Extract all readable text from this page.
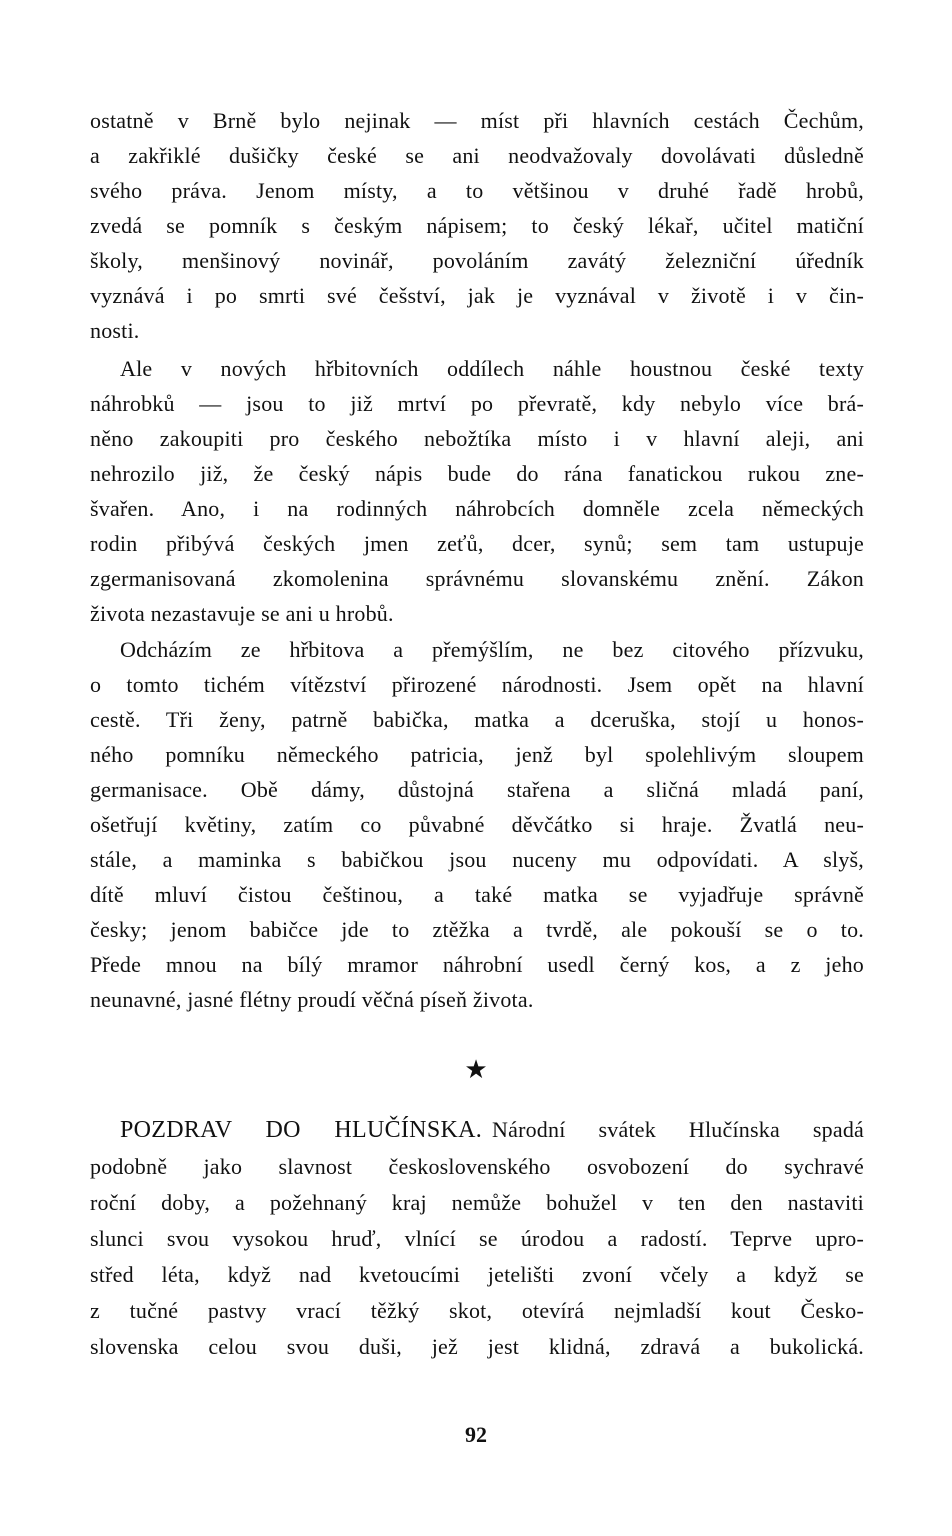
ostatně v Brně bylo nejinak — míst při hlavních cestách Čechům,
a zakřiklé dušičky české se ani neodvažovaly dovolávati důsledně
svého práva. Jenom místy, a to většinou v druhé řadě hrobů,
zvedá se pomník s českým nápisem; to český lékař, učitel matiční
školy, menšinový novinář, povoláním zavátý železniční úředník
vyznává i po smrti své češství, jak je vyznával v životě i v čin-
nosti.
Ale v nových hřbitovních oddílech náhle houstnou české texty
náhrobků — jsou to již mrtví po převratě, kdy nebylo více brá-
něno zakoupiti pro českého nebožtíka místo i v hlavní aleji, ani
nehrozilo již, že český nápis bude do rána fanatickou rukou zne-
švařen. Ano, i na rodinných náhrobcích domněle zcela německých
rodin přibývá českých jmen zeťů, dcer, synů; sem tam ustupuje
zgermanisovaná zkomolenina správnému slovanskému znění. Zákon
života nezastavuje se ani u hrobů.
Odcházím ze hřbitova a přemýšlím, ne bez citového přízvuku,
o tomto tichém vítězství přirozené národnosti. Jsem opět na hlavní
cestě. Tři ženy, patrně babička, matka a dceruška, stojí u honos-
ného pomníku německého patricia, jenž byl spolehlivým sloupem
germanisace. Obě dámy, důstojná stařena a sličná mladá paní,
ošetřují květiny, zatím co půvabné děvčátko si hraje. Žvatlá neu-
stále, a maminka s babičkou jsou nuceny mu odpovídati. A slyš,
dítě mluví čistou češtinou, a také matka se vyjadřuje správně
česky; jenom babičce jde to ztěžka a tvrdě, ale pokouší se o to.
Přede mnou na bílý mramor náhrobní usedl černý kos, a z jeho
neunavné, jasné flétny proudí věčná píseň života.
★
POZDRAV DO HLUČÍNSKA. Národní svátek Hlučínska spadá
podobně jako slavnost československého osvobození do sychravé
roční doby, a požehnaný kraj nemůže bohužel v ten den nastaviti
slunci svou vysokou hruď, vlnící se úrodou a radostí. Teprve upro-
střed léta, když nad kvetoucími jetelišti zvoní včely a když se
z tučné pastvy vrací těžký skot, otevírá nejmladší kout Česko-
slovenska celou svou duši, jež jest klidná, zdravá a bukolická.
92
